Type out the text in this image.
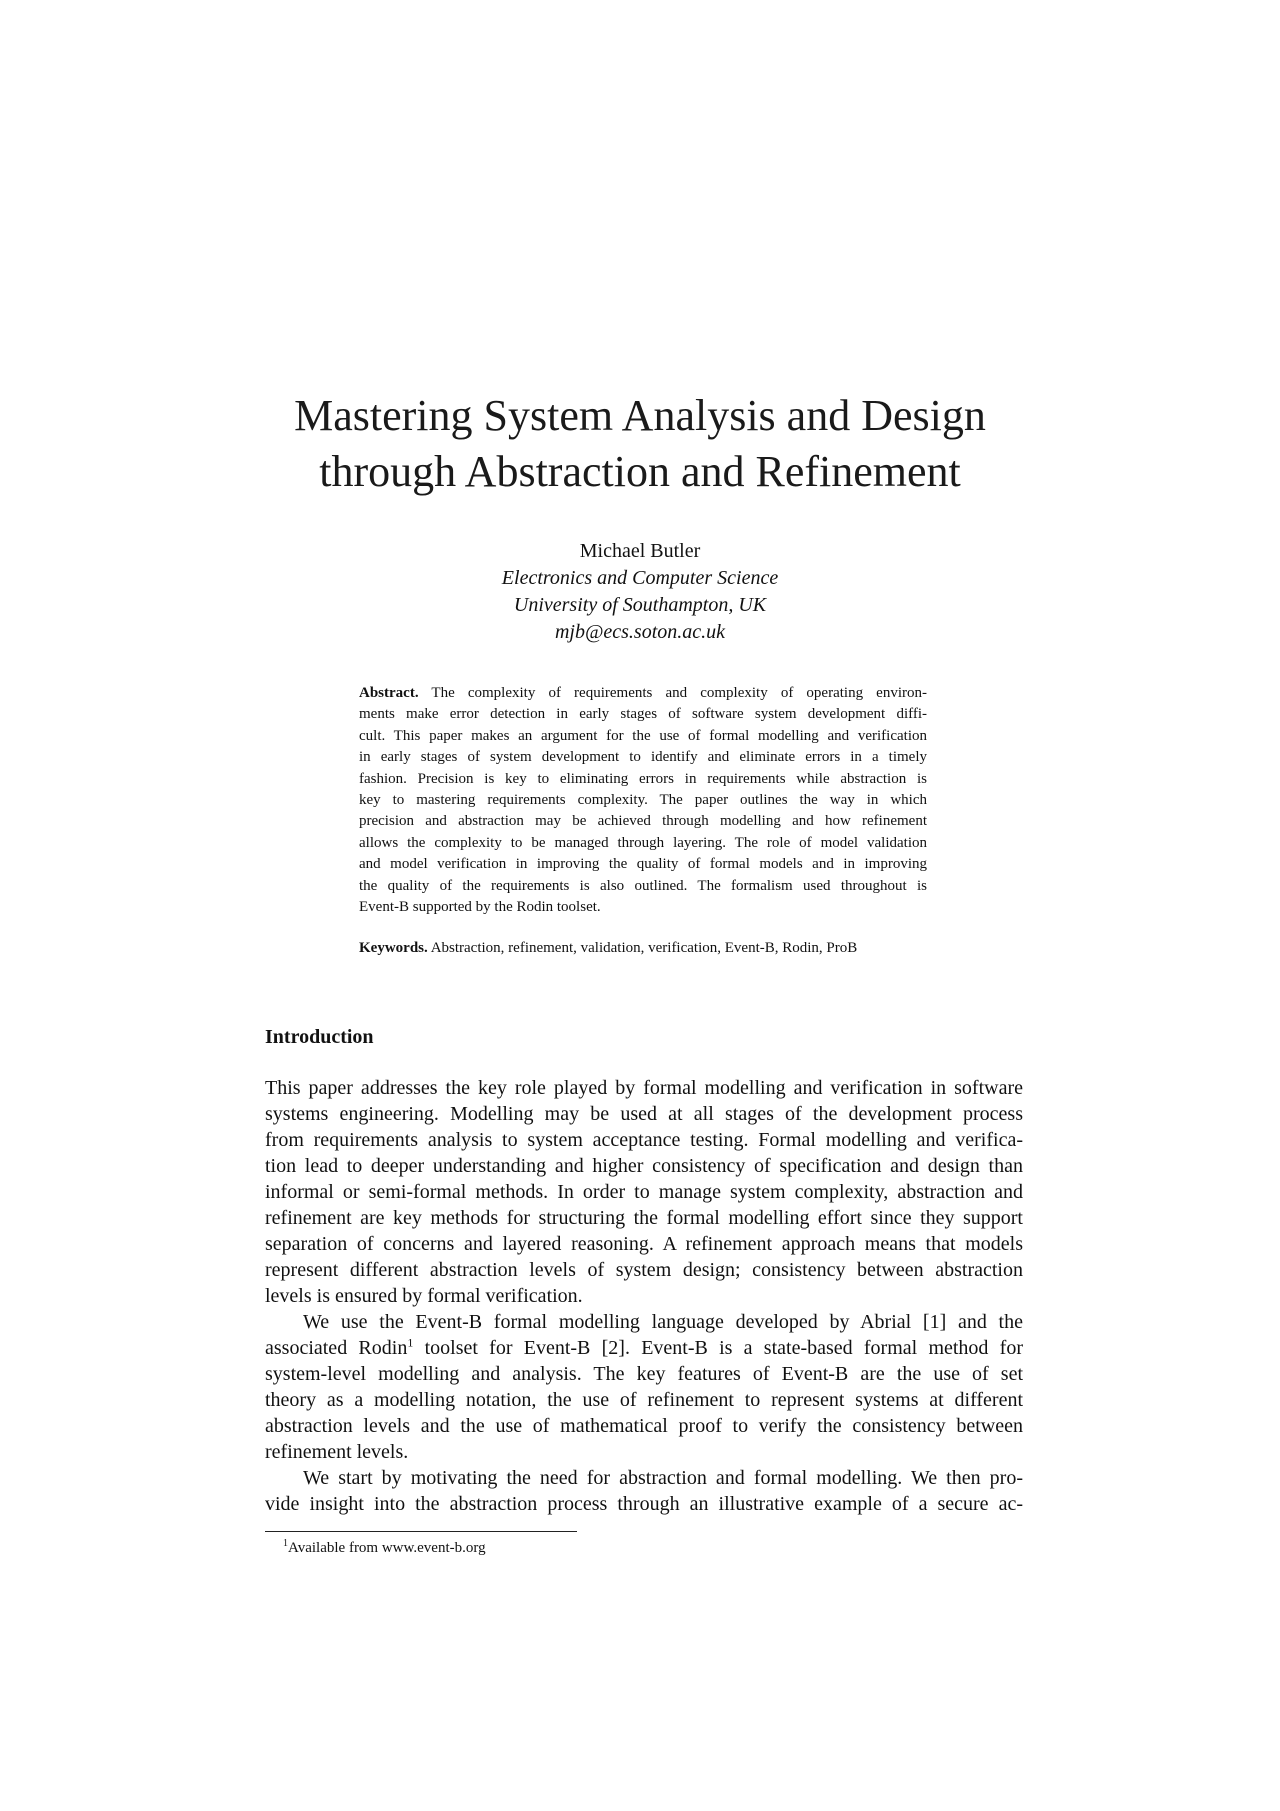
Mastering System Analysis and Design
through Abstraction and Refinement
Michael Butler
Electronics and Computer Science
University of Southampton, UK
mjb@ecs.soton.ac.uk
Abstract. The complexity of requirements and complexity of operating environ-
ments make error detection in early stages of software system development diffi-
cult. This paper makes an argument for the use of formal modelling and verification
in early stages of system development to identify and eliminate errors in a timely
fashion. Precision is key to eliminating errors in requirements while abstraction is
key to mastering requirements complexity. The paper outlines the way in which
precision and abstraction may be achieved through modelling and how refinement
allows the complexity to be managed through layering. The role of model validation
and model verification in improving the quality of formal models and in improving
the quality of the requirements is also outlined. The formalism used throughout is
Event-B supported by the Rodin toolset.
Keywords. Abstraction, refinement, validation, verification, Event-B, Rodin, ProB
Introduction
This paper addresses the key role played by formal modelling and verification in software
systems engineering. Modelling may be used at all stages of the development process
from requirements analysis to system acceptance testing. Formal modelling and verifica-
tion lead to deeper understanding and higher consistency of specification and design than
informal or semi-formal methods. In order to manage system complexity, abstraction and
refinement are key methods for structuring the formal modelling effort since they support
separation of concerns and layered reasoning. A refinement approach means that models
represent different abstraction levels of system design; consistency between abstraction
levels is ensured by formal verification.
We use the Event-B formal modelling language developed by Abrial [1] and the
associated Rodin$^1$ toolset for Event-B [2]. Event-B is a state-based formal method for
system-level modelling and analysis. The key features of Event-B are the use of set
theory as a modelling notation, the use of refinement to represent systems at different
abstraction levels and the use of mathematical proof to verify the consistency between
refinement levels.
We start by motivating the need for abstraction and formal modelling. We then pro-
vide insight into the abstraction process through an illustrative example of a secure ac-
$^1$Available from www.event-b.org
